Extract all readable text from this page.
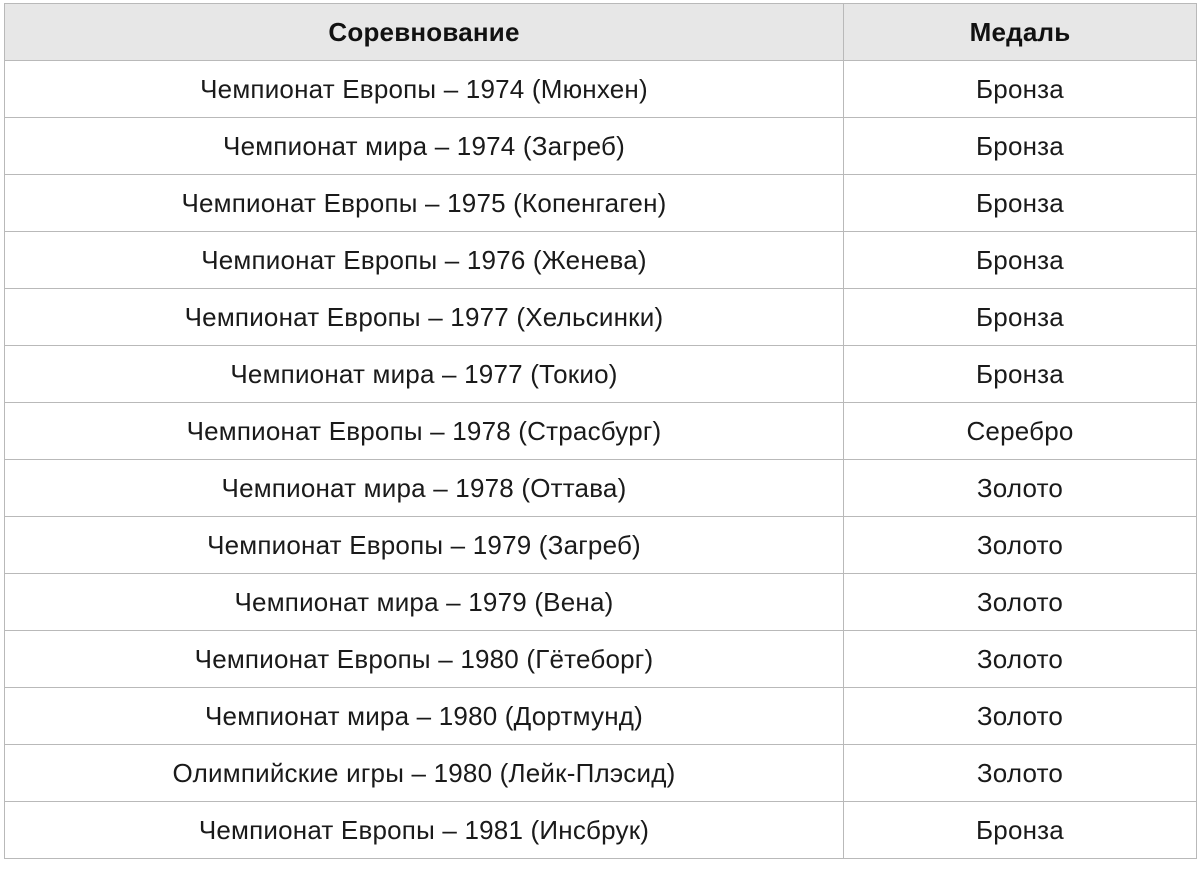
Соревнование	Медаль
Чемпионат Европы – 1974 (Мюнхен)	Бронза
Чемпионат мира – 1974 (Загреб)	Бронза
Чемпионат Европы – 1975 (Копенгаген)	Бронза
Чемпионат Европы – 1976 (Женева)	Бронза
Чемпионат Европы – 1977 (Хельсинки)	Бронза
Чемпионат мира – 1977 (Токио)	Бронза
Чемпионат Европы – 1978 (Страсбург)	Серебро
Чемпионат мира – 1978 (Оттава)	Золото
Чемпионат Европы – 1979 (Загреб)	Золото
Чемпионат мира – 1979 (Вена)	Золото
Чемпионат Европы – 1980 (Гётеборг)	Золото
Чемпионат мира – 1980 (Дортмунд)	Золото
Олимпийские игры – 1980 (Лейк-Плэсид)	Золото
Чемпионат Европы – 1981 (Инсбрук)	Бронза
